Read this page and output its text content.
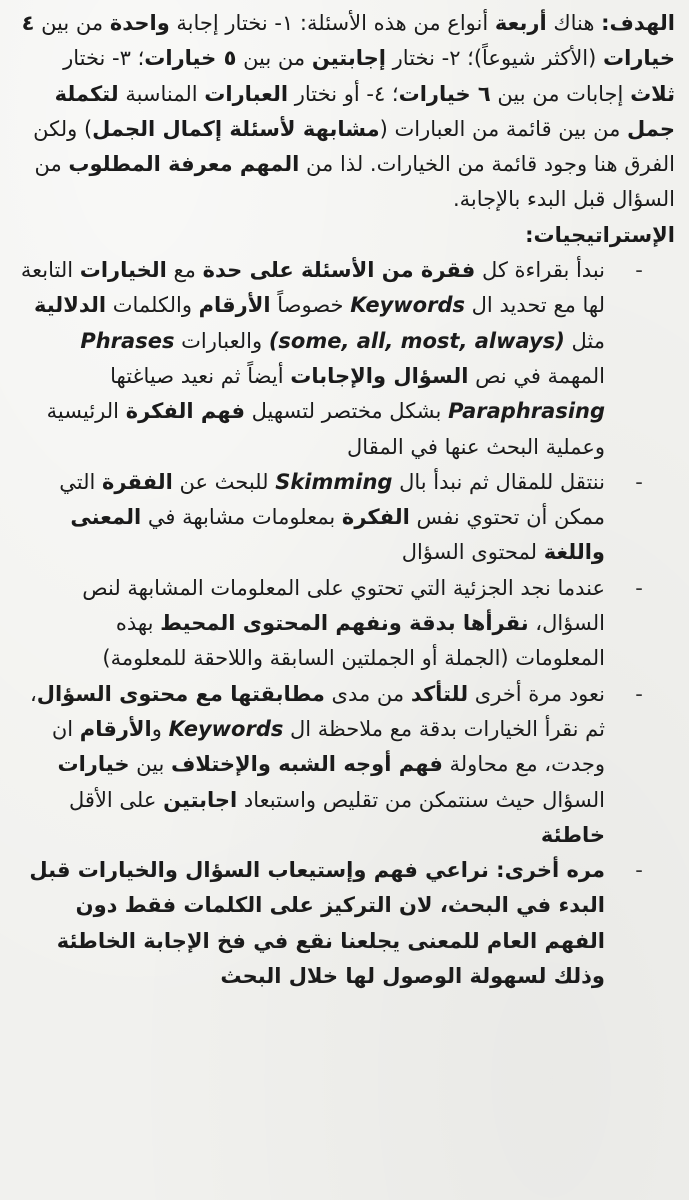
الهدف: هناك أربعة أنواع من هذه الأسئلة: ١- نختار إجابة واحدة من بين ٤ خيارات (الأكثر شيوعاً)؛ ٢- نختار إجابتين من بين ٥ خيارات؛ ٣- نختار ثلاث إجابات من بين ٦ خيارات؛ ٤- أو نختار العبارات المناسبة لتكملة جمل من بين قائمة من العبارات (مشابهة لأسئلة إكمال الجمل) ولكن الفرق هنا وجود قائمة من الخيارات. لذا من المهم معرفة المطلوب من السؤال قبل البدء بالإجابة.

الإستراتيجيات:

-
نبدأ بقراءة كل فقرة من الأسئلة على حدة مع الخيارات التابعة لها مع تحديد ال Keywords خصوصاً الأرقام والكلمات الدلالية مثل (some, all, most, always) والعبارات Phrases المهمة في نص السؤال والإجابات أيضاً ثم نعيد صياغتها Paraphrasing بشكل مختصر لتسهيل فهم الفكرة الرئيسية وعملية البحث عنها في المقال
-
ننتقل للمقال ثم نبدأ بال Skimming للبحث عن الفقرة التي ممكن أن تحتوي نفس الفكرة بمعلومات مشابهة في المعنى واللغة لمحتوى السؤال
-
عندما نجد الجزئية التي تحتوي على المعلومات المشابهة لنص السؤال، نقرأها بدقة ونفهم المحتوى المحيط بهذه المعلومات (الجملة أو الجملتين السابقة واللاحقة للمعلومة)
-
نعود مرة أخرى للتأكد من مدى مطابقتها مع محتوى السؤال، ثم نقرأ الخيارات بدقة مع ملاحظة ال Keywords والأرقام ان وجدت، مع محاولة فهم أوجه الشبه والإختلاف بين خيارات السؤال حيث سنتمكن من تقليص واستبعاد اجابتين على الأقل خاطئة
-
مره أخرى: نراعي فهم وإستيعاب السؤال والخيارات قبل البدء في البحث، لان التركيز على الكلمات فقط دون الفهم العام للمعنى يجلعنا نقع في فخ الإجابة الخاطئة وذلك لسهولة الوصول لها خلال البحث
